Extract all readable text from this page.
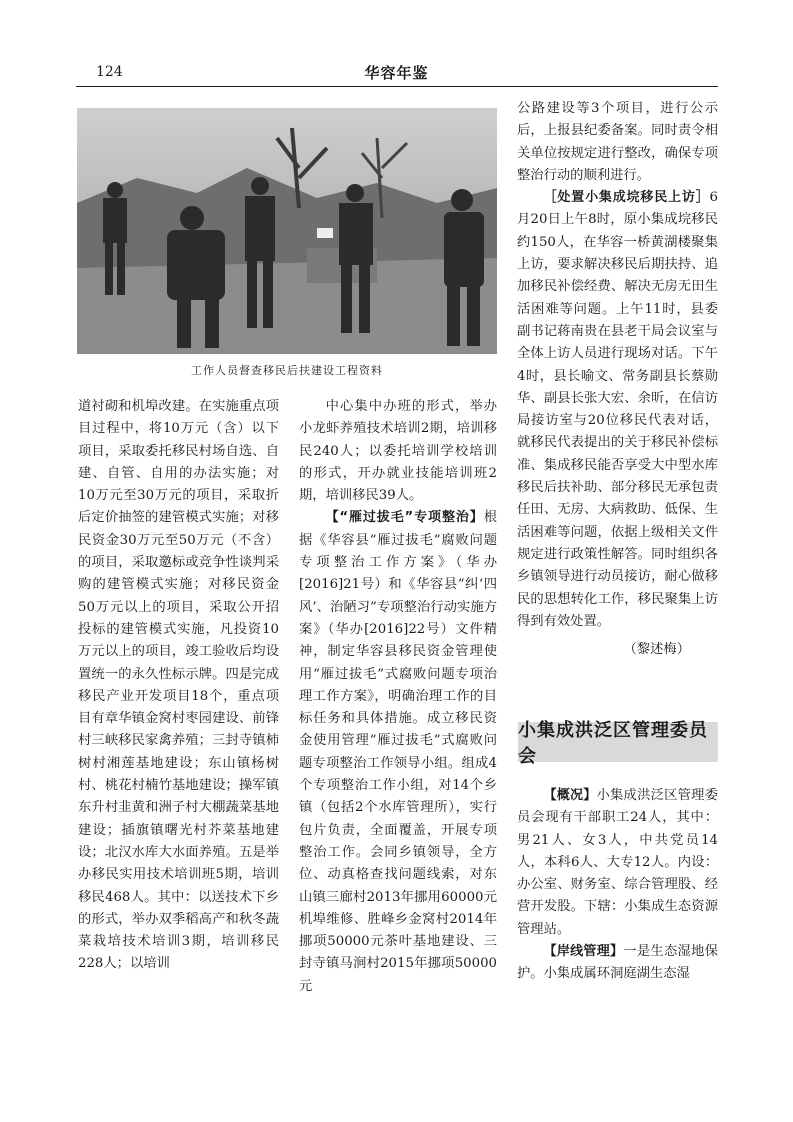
124	华容年鉴
工作人员督查移民后扶建设工程资料

道衬砌和机埠改建。在实施重点项目过程中，将10万元（含）以下项目，采取委托移民村场自选、自建、自管、自用的办法实施；对10万元至30万元的项目，采取折后定价抽签的建管模式实施；对移民资金30万元至50万元（不含）的项目，采取邀标或竞争性谈判采购的建管模式实施；对移民资金50万元以上的项目，采取公开招投标的建管模式实施，凡投资10万元以上的项目，竣工验收后均设置统一的永久性标示牌。四是完成移民产业开发项目18个，重点项目有章华镇金窝村枣园建设、前锋村三峡移民家禽养殖；三封寺镇柿树村湘莲基地建设；东山镇杨树村、桃花村楠竹基地建设；操军镇东升村韭黄和洲子村大棚蔬菜基地建设；插旗镇曙光村芥菜基地建设；北汉水库大水面养殖。五是举办移民实用技术培训班5期，培训移民468人。其中：以送技术下乡的形式，举办双季稻高产和秋冬蔬菜栽培技术培训3期，培训移民228人；以培训

中心集中办班的形式，举办小龙虾养殖技术培训2期，培训移民240人；以委托培训学校培训的形式，开办就业技能培训班2期，培训移民39人。

【“雁过拔毛”专项整治】根据《华容县“雁过拔毛”腐败问题专项整治工作方案》（华办[2016]21号）和《华容县“纠‘四风’、治陋习”专项整治行动实施方案》（华办[2016]22号）文件精神，制定华容县移民资金管理使用“雁过拔毛”式腐败问题专项治理工作方案》，明确治理工作的目标任务和具体措施。成立移民资金使用管理“雁过拔毛”式腐败问题专项整治工作领导小组。组成4个专项整治工作小组，对14个乡镇（包括2个水库管理所），实行包片负责，全面覆盖，开展专项整治工作。会同乡镇领导，全方位、动真格查找问题线索，对东山镇三廊村2013年挪用60000元机埠维修、胜峰乡金窝村2014年挪项50000元茶叶基地建设、三封寺镇马涧村2015年挪项50000元

公路建设等3个项目，进行公示后，上报县纪委备案。同时责令相关单位按规定进行整改，确保专项整治行动的顺利进行。

［处置小集成垸移民上访］6月20日上午8时，原小集成垸移民约150人，在华容一桥黄湖楼聚集上访，要求解决移民后期扶持、追加移民补偿经费、解决无房无田生活困难等问题。上午11时，县委副书记蒋南贵在县老干局会议室与全体上访人员进行现场对话。下午4时，县长喻文、常务副县长蔡勋华、副县长张大宏、余昕，在信访局接访室与20位移民代表对话，就移民代表提出的关于移民补偿标准、集成移民能否享受大中型水库移民后扶补助、部分移民无承包责任田、无房、大病救助、低保、生活困难等问题，依据上级相关文件规定进行政策性解答。同时组织各乡镇领导进行动员接访，耐心做移民的思想转化工作，移民聚集上访得到有效处置。

（黎述梅）

小集成洪泛区管理委员会

【概况】小集成洪泛区管理委员会现有干部职工24人，其中：男21人、女3人，中共党员14人，本科6人、大专12人。内设：办公室、财务室、综合管理股、经营开发股。下辖：小集成生态资源管理站。

【岸线管理】一是生态湿地保护。小集成属环洞庭湖生态湿
